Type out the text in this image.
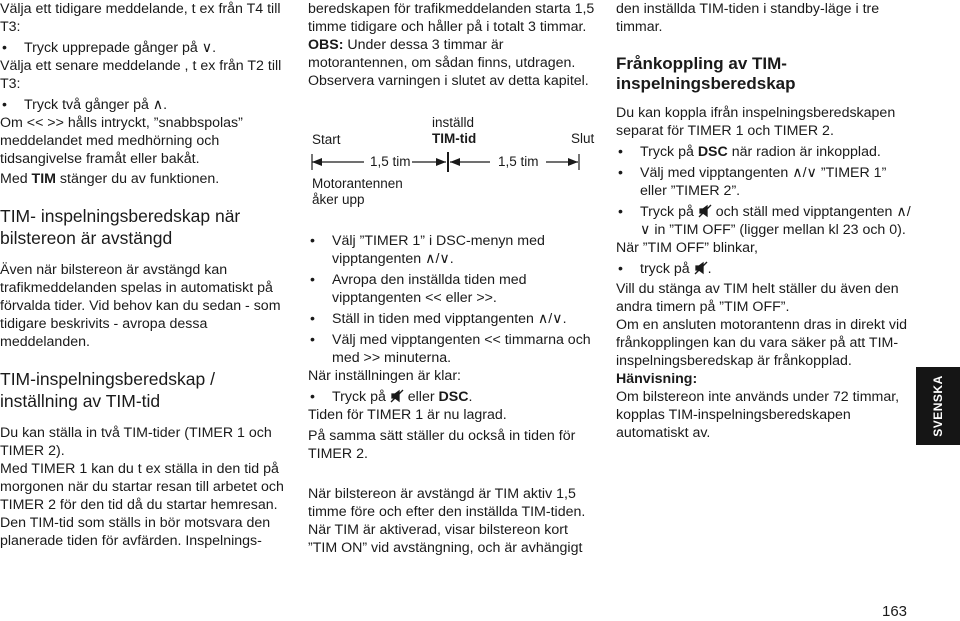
Välja ett tidigare meddelande, t ex från T4 till T3:

•	Tryck upprepade gånger på ∨.

Välja ett senare meddelande , t ex från T2 till T3:

•	Tryck två gånger på ∧.

Om << >> hålls intryckt, ”snabbspolas” meddelandet med medhörning och tidsangivelse framåt eller bakåt.

Med TIM stänger du av funktionen.

TIM- inspelningsberedskap när bilstereon är avstängd

Även när bilstereon är avstängd kan trafikmeddelanden spelas in automatiskt på förvalda tider. Vid behov kan du sedan - som tidigare beskrivits - avropa dessa meddelanden.

TIM-inspelningsberedskap / inställning av TIM-tid

Du kan ställa in två TIM-tider (TIMER 1 och TIMER 2).

Med TIMER 1 kan du t ex ställa in den tid på morgonen när du startar resan till arbetet och TIMER 2 för den tid då du startar hemresan.

Den TIM-tid som ställs in bör motsvara den planerade tiden för avfärden. Inspelnings-

beredskapen för trafikmeddelanden starta 1,5 timme tidigare och håller på i totalt 3 timmar.

OBS: Under dessa 3 timmar är motorantennen, om sådan finns, utdragen. Observera varningen i slutet av detta kapitel.

Start
inställd
TIM-tid	Slut
1,5 tim	1,5 tim
Motorantennen
åker upp
•	Välj ”TIMER 1” i DSC-menyn med vipptangenten ∧/∨.
•	Avropa den inställda tiden med vipptangenten << eller >>.
•	Ställ in tiden med vipptangenten ∧/∨.
•	Välj med vipptangenten << timmarna och med >> minuterna.

När inställningen är klar:

•	Tryck på  eller DSC.

Tiden för TIMER 1 är nu lagrad.

På samma sätt ställer du också in tiden för TIMER 2.

När bilstereon är avstängd är TIM aktiv 1,5 timme före och efter den inställda TIM-tiden.

När TIM är aktiverad, visar bilstereon kort ”TIM ON” vid avstängning, och är avhängigt

den inställda TIM-tiden i standby-läge i tre timmar.

Frånkoppling av TIM-inspelningsberedskap

Du kan koppla ifrån inspelningsberedskapen separat för TIMER 1 och TIMER 2.

•	Tryck på DSC när radion är inkopplad.
•	Välj med vipptangenten ∧/∨ ”TIMER 1” eller ”TIMER 2”.
•	Tryck på  och ställ med vipptangenten ∧/∨ in ”TIM OFF” (ligger mellan kl 23 och 0).

När ”TIM OFF” blinkar,

•	tryck på .

Vill du stänga av TIM helt ställer du även den andra timern på ”TIM OFF”.

Om en ansluten motorantenn dras in direkt vid frånkopplingen kan du vara säker på att TIM-inspelningsberedskap är frånkopplad.

Hänvisning:

Om bilstereon inte används under 72 timmar, kopplas TIM-inspelningsberedskapen automatiskt av.	SVENSKA
163
